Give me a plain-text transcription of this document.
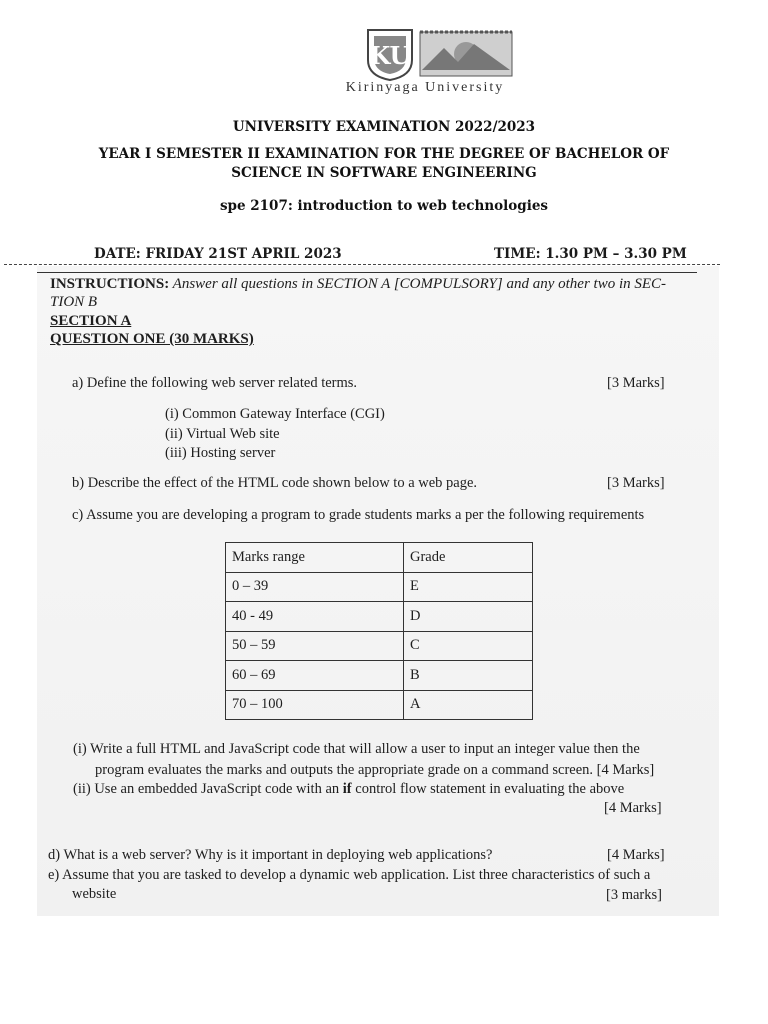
KU
Kirinyaga University
UNIVERSITY EXAMINATION 2022/2023
YEAR I SEMESTER II EXAMINATION FOR THE DEGREE OF BACHELOR OF
SCIENCE IN SOFTWARE ENGINEERING
spe 2107: introduction to web technologies
DATE: FRIDAY 21ST APRIL 2023	TIME: 1.30 PM – 3.30 PM
INSTRUCTIONS: Answer all questions in SECTION A [COMPULSORY] and any other two in SEC-
TION B
SECTION A
QUESTION ONE (30 MARKS)
a) Define the following web server related terms.	[3 Marks]
(i) Common Gateway Interface (CGI)
(ii) Virtual Web site
(iii) Hosting server
b) Describe the effect of the HTML code shown below to a web page.	[3 Marks]
c) Assume you are developing a program to grade students marks a per the following requirements
Marks range	Grade
0 – 39	E
40 - 49	D
50 – 59	C
60 – 69	B
70 – 100	A
(i) Write a full HTML and JavaScript code that will allow a user to input an integer value then the
program evaluates the marks and outputs the appropriate grade on a command screen. [4 Marks]
(ii) Use an embedded JavaScript code with an if control flow statement in evaluating the above
[4 Marks]
d) What is a web server? Why is it important in deploying web applications?	[4 Marks]
e) Assume that you are tasked to develop a dynamic web application. List three characteristics of such a
website	[3 marks]
